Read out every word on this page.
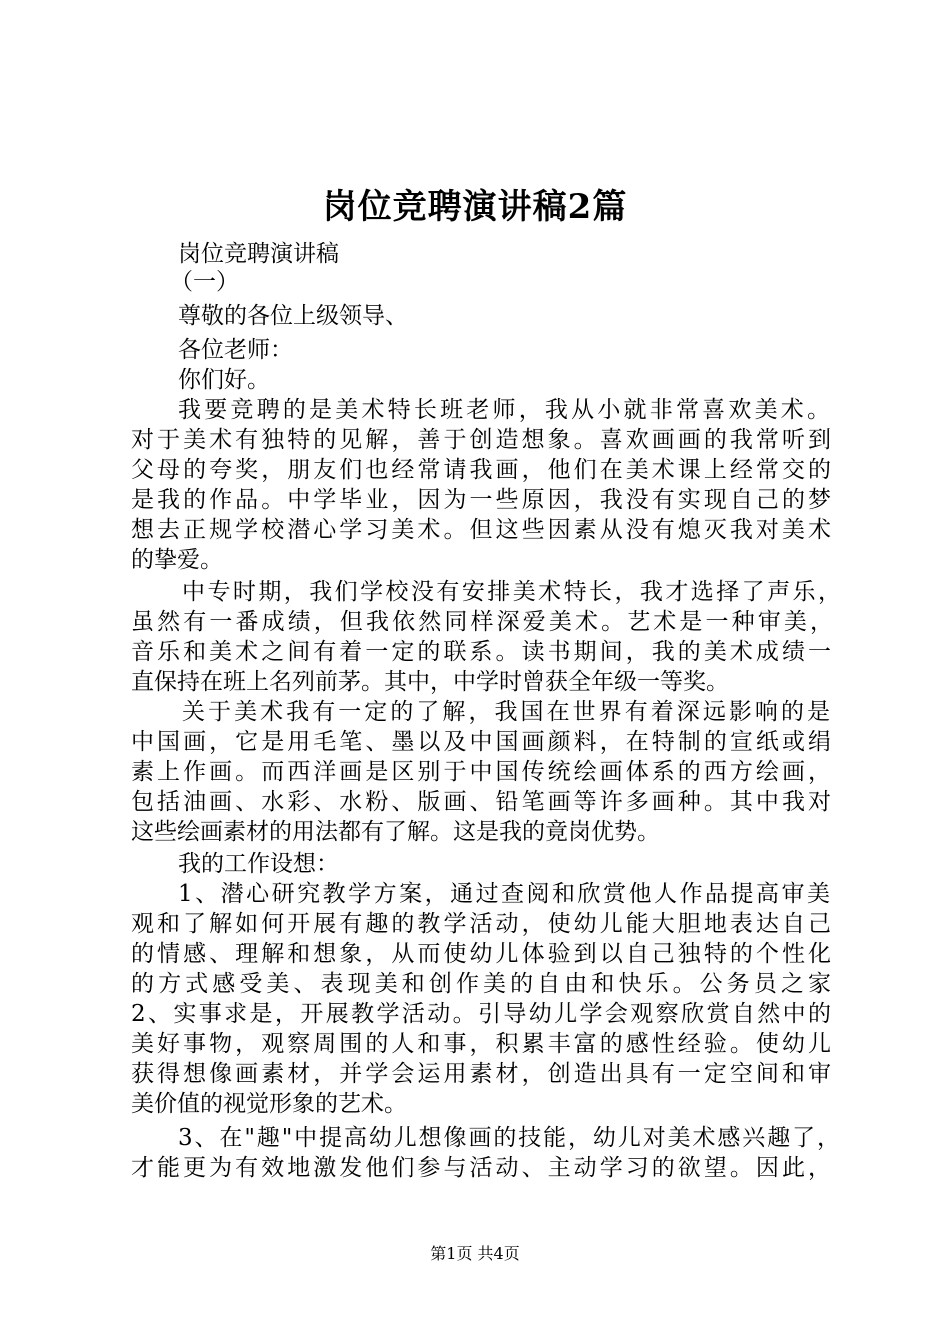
岗位竞聘演讲稿2篇
岗位竞聘演讲稿
（一）
尊敬的各位上级领导、
各位老师：
你们好。
我要竞聘的是美术特长班老师，我从小就非常喜欢美术。
对于美术有独特的见解，善于创造想象。喜欢画画的我常听到
父母的夸奖，朋友们也经常请我画，他们在美术课上经常交的
是我的作品。中学毕业，因为一些原因，我没有实现自己的梦
想去正规学校潜心学习美术。但这些因素从没有熄灭我对美术
的挚爱。
中专时期，我们学校没有安排美术特长，我才选择了声乐，
虽然有一番成绩，但我依然同样深爱美术。艺术是一种审美，
音乐和美术之间有着一定的联系。读书期间，我的美术成绩一
直保持在班上名列前茅。其中，中学时曾获全年级一等奖。
关于美术我有一定的了解，我国在世界有着深远影响的是
中国画，它是用毛笔、墨以及中国画颜料，在特制的宣纸或绢
素上作画。而西洋画是区别于中国传统绘画体系的西方绘画，
包括油画、水彩、水粉、版画、铅笔画等许多画种。其中我对
这些绘画素材的用法都有了解。这是我的竟岗优势。
我的工作设想：
1、潜心研究教学方案，通过查阅和欣赏他人作品提高审美
观和了解如何开展有趣的教学活动，使幼儿能大胆地表达自己
的情感、理解和想象，从而使幼儿体验到以自己独特的个性化
的方式感受美、表现美和创作美的自由和快乐。公务员之家
2、实事求是，开展教学活动。引导幼儿学会观察欣赏自然中的
美好事物，观察周围的人和事，积累丰富的感性经验。使幼儿
获得想像画素材，并学会运用素材，创造出具有一定空间和审
美价值的视觉形象的艺术。
3、在"趣"中提高幼儿想像画的技能，幼儿对美术感兴趣了，
才能更为有效地激发他们参与活动、主动学习的欲望。因此，
第1页 共4页
